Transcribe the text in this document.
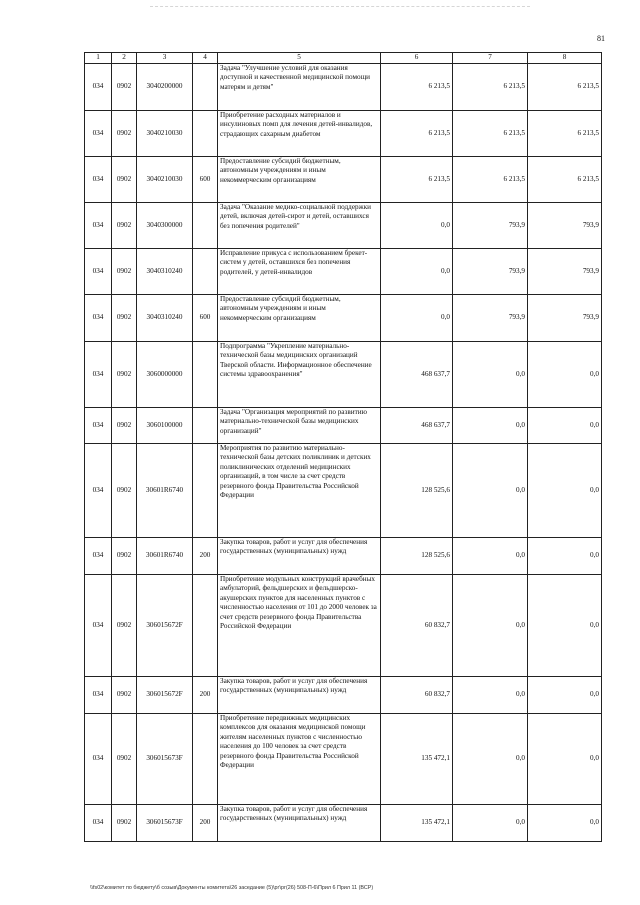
81
1	2	3	4	5	6	7	8
034	0902	3040200000		Задача "Улучшение условий для оказания доступной и качественной медицинской помощи матерям и детям"	6 213,5	6 213,5	6 213,5
034	0902	3040210030		Приобретение расходных материалов и инсулиновых помп для лечения детей-инвалидов, страдающих сахарным диабетом	6 213,5	6 213,5	6 213,5
034	0902	3040210030	600	Предоставление субсидий бюджетным, автономным учреждениям и иным некоммерческим организациям	6 213,5	6 213,5	6 213,5
034	0902	3040300000		Задача "Оказание медико-социальной поддержки детей, включая детей-сирот и детей, оставшихся без попечения родителей"	0,0	793,9	793,9
034	0902	3040310240		Исправление прикуса с использованием брекет-систем у детей, оставшихся без попечения родителей, у детей-инвалидов	0,0	793,9	793,9
034	0902	3040310240	600	Предоставление субсидий бюджетным, автономным учреждениям и иным некоммерческим организациям	0,0	793,9	793,9
034	0902	3060000000		Подпрограмма "Укрепление материально-технической базы медицинских организаций Тверской области. Информационное обеспечение системы здравоохранения"	468 637,7	0,0	0,0
034	0902	3060100000		Задача "Организация мероприятий по развитию материально-технической базы медицинских организаций"	468 637,7	0,0	0,0
034	0902	30601R6740		Мероприятия по развитию материально-технической базы детских поликлиник и детских поликлинических отделений медицинских организаций, в том числе за счет средств резервного фонда Правительства Российской Федерации	128 525,6	0,0	0,0
034	0902	30601R6740	200	Закупка товаров, работ и услуг для обеспечения государственных (муниципальных) нужд	128 525,6	0,0	0,0
034	0902	306015672F		Приобретение модульных конструкций врачебных амбулаторий, фельдшерских и фельдшерско-акушерских пунктов для населенных пунктов с численностью населения от 101 до 2000 человек за счет средств резервного фонда Правительства Российской Федерации	60 832,7	0,0	0,0
034	0902	306015672F	200	Закупка товаров, работ и услуг для обеспечения государственных (муниципальных) нужд	60 832,7	0,0	0,0
034	0902	306015673F		Приобретение передвижных медицинских комплексов для оказания медицинской помощи жителям населенных пунктов с численностью населения до 100 человек за счет средств резервного фонда Правительства Российской Федерации	135 472,1	0,0	0,0
034	0902	306015673F	200	Закупка товаров, работ и услуг для обеспечения государственных (муниципальных) нужд	135 472,1	0,0	0,0
\\fs02\комитет по бюджету\б созыв\Документы комитета\26 заседание (5)\рг\рг(26) 508-П-6\Прил 6 Прил 11 (ВСР)
